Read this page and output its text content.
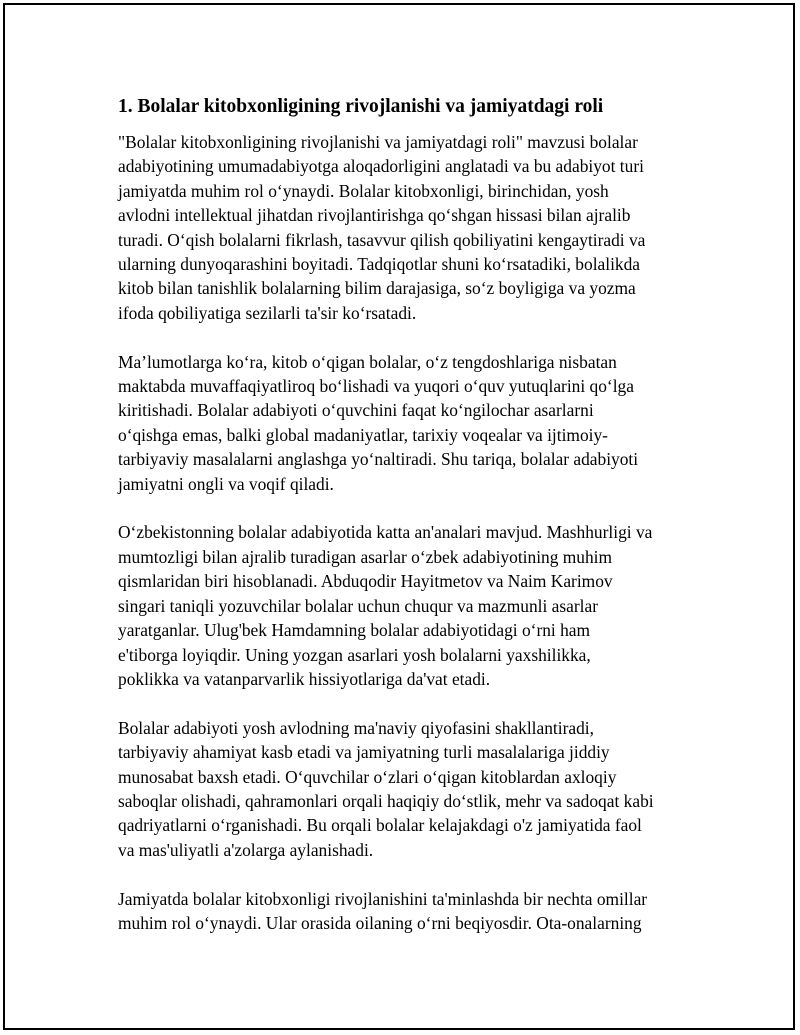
1. Bolalar kitobxonligining rivojlanishi va jamiyatdagi roli

"Bolalar kitobxonligining rivojlanishi va jamiyatdagi roli" mavzusi bolalar
adabiyotining umumadabiyotga aloqadorligini anglatadi va bu adabiyot turi
jamiyatda muhim rol o‘ynaydi. Bolalar kitobxonligi, birinchidan, yosh
avlodni intellektual jihatdan rivojlantirishga qo‘shgan hissasi bilan ajralib
turadi. O‘qish bolalarni fikrlash, tasavvur qilish qobiliyatini kengaytiradi va
ularning dunyoqarashini boyitadi. Tadqiqotlar shuni ko‘rsatadiki, bolalikda
kitob bilan tanishlik bolalarning bilim darajasiga, so‘z boyligiga va yozma
ifoda qobiliyatiga sezilarli ta'sir ko‘rsatadi.

Ma’lumotlarga ko‘ra, kitob o‘qigan bolalar, o‘z tengdoshlariga nisbatan
maktabda muvaffaqiyatliroq bo‘lishadi va yuqori o‘quv yutuqlarini qo‘lga
kiritishadi. Bolalar adabiyoti o‘quvchini faqat ko‘ngilochar asarlarni
o‘qishga emas, balki global madaniyatlar, tarixiy voqealar va ijtimoiy-
tarbiyaviy masalalarni anglashga yo‘naltiradi. Shu tariqa, bolalar adabiyoti
jamiyatni ongli va voqif qiladi.

O‘zbekistonning bolalar adabiyotida katta an'analari mavjud. Mashhurligi va
mumtozligi bilan ajralib turadigan asarlar o‘zbek adabiyotining muhim
qismlaridan biri hisoblanadi. Abduqodir Hayitmetov va Naim Karimov
singari taniqli yozuvchilar bolalar uchun chuqur va mazmunli asarlar
yaratganlar. Ulug'bek Hamdamning bolalar adabiyotidagi o‘rni ham
e'tiborga loyiqdir. Uning yozgan asarlari yosh bolalarni yaxshilikka,
poklikka va vatanparvarlik hissiyotlariga da'vat etadi.

Bolalar adabiyoti yosh avlodning ma'naviy qiyofasini shakllantiradi,
tarbiyaviy ahamiyat kasb etadi va jamiyatning turli masalalariga jiddiy
munosabat baxsh etadi. O‘quvchilar o‘zlari o‘qigan kitoblardan axloqiy
saboqlar olishadi, qahramonlari orqali haqiqiy do‘stlik, mehr va sadoqat kabi
qadriyatlarni o‘rganishadi. Bu orqali bolalar kelajakdagi o'z jamiyatida faol
va mas'uliyatli a'zolarga aylanishadi.

Jamiyatda bolalar kitobxonligi rivojlanishini ta'minlashda bir nechta omillar
muhim rol o‘ynaydi. Ular orasida oilaning o‘rni beqiyosdir. Ota-onalarning
